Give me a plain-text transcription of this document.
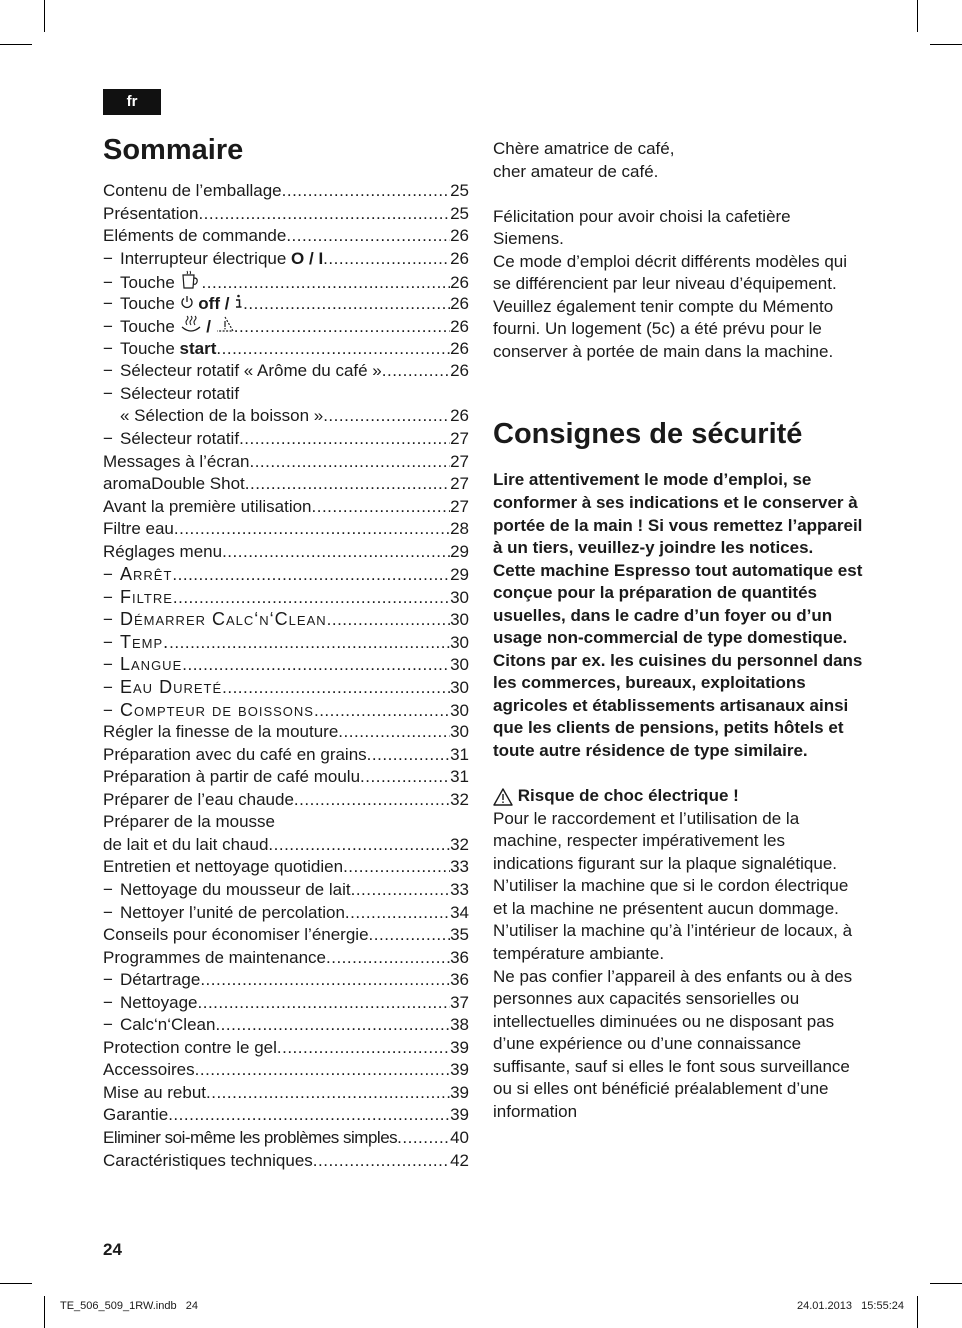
fr
Sommaire
Contenu de l’emballage .....	25
Présentation .....	25
Eléments de commande .....	26
− Interrupteur électrique O / I .....	26
− Touche .....	26
− Touche  off / .....	26
− Touche  / .....	26
− Touche start .....	26
− Sélecteur rotatif « Arôme du café » .....	26
− Sélecteur rotatif
« Sélection de la boisson » .....	26
− Sélecteur rotatif .....	27
Messages à l’écran .....	27
aromaDouble Shot .....	27
Avant la première utilisation .....	27
Filtre eau .....	28
Réglages menu .....	29
− Arrêt .....	29
− Filtre .....	30
− Démarrer Calc‘n‘Clean .....	30
− Temp. .....	30
− Langue .....	30
− Eau Dureté .....	30
− Compteur de boissons .....	30
Régler la finesse de la mouture .....	30
Préparation avec du café en grains .....	31
Préparation à partir de café moulu .....	31
Préparer de l’eau chaude .....	32
Préparer de la mousse
de lait et du lait chaud .....	32
Entretien et nettoyage quotidien .....	33
− Nettoyage du mousseur de lait .....	33
− Nettoyer l’unité de percolation .....	34
Conseils pour économiser l’énergie .....	35
Programmes de maintenance .....	36
− Détartrage .....	36
− Nettoyage .....	37
− Calc‘n‘Clean .....	38
Protection contre le gel .....	39
Accessoires .....	39
Mise au rebut .....	39
Garantie .....	39
Eliminer soi-même les problèmes simples .....	40
Caractéristiques techniques .....	42

Chère amatrice de café,

cher amateur de café.

Félicitation pour avoir choisi la cafetière Siemens.

Ce mode d’emploi décrit différents modèles qui se différencient par leur niveau d’équipement.

Veuillez également tenir compte du Mémento fourni. Un logement (5c) a été prévu pour le conserver à portée de main dans la machine.

Consignes de sécurité

Lire attentivement le mode d’emploi, se conformer à ses indications et le conserver à portée de la main ! Si vous remettez l’appareil à un tiers, veuillez-y joindre les notices.

Cette machine Espresso tout automatique est conçue pour la préparation de quantités usuelles, dans le cadre d’un foyer ou d’un usage non-commercial de type domestique. Citons par ex. les cuisines du personnel dans les commerces, bureaux, exploitations agricoles et établissements artisanaux ainsi que les clients de pensions, petits hôtels et toute autre résidence de type similaire.

Risque de choc électrique !

Pour le raccordement et l’utilisation de la machine, respecter impérativement les indications figurant sur la plaque signalétique.

N’utiliser la machine que si le cordon électrique et la machine ne présentent aucun dommage.

N’utiliser la machine qu’à l’intérieur de locaux, à température ambiante.

Ne pas confier l’appareil à des enfants ou à des personnes aux capacités sensorielles ou intellectuelles diminuées ou ne disposant pas d’une expérience ou d’une connaissance suffisante, sauf si elles le font sous surveillance ou si elles ont bénéficié préalablement d’une information

24
TE_506_509_1RW.indb   24	24.01.2013   15:55:24
